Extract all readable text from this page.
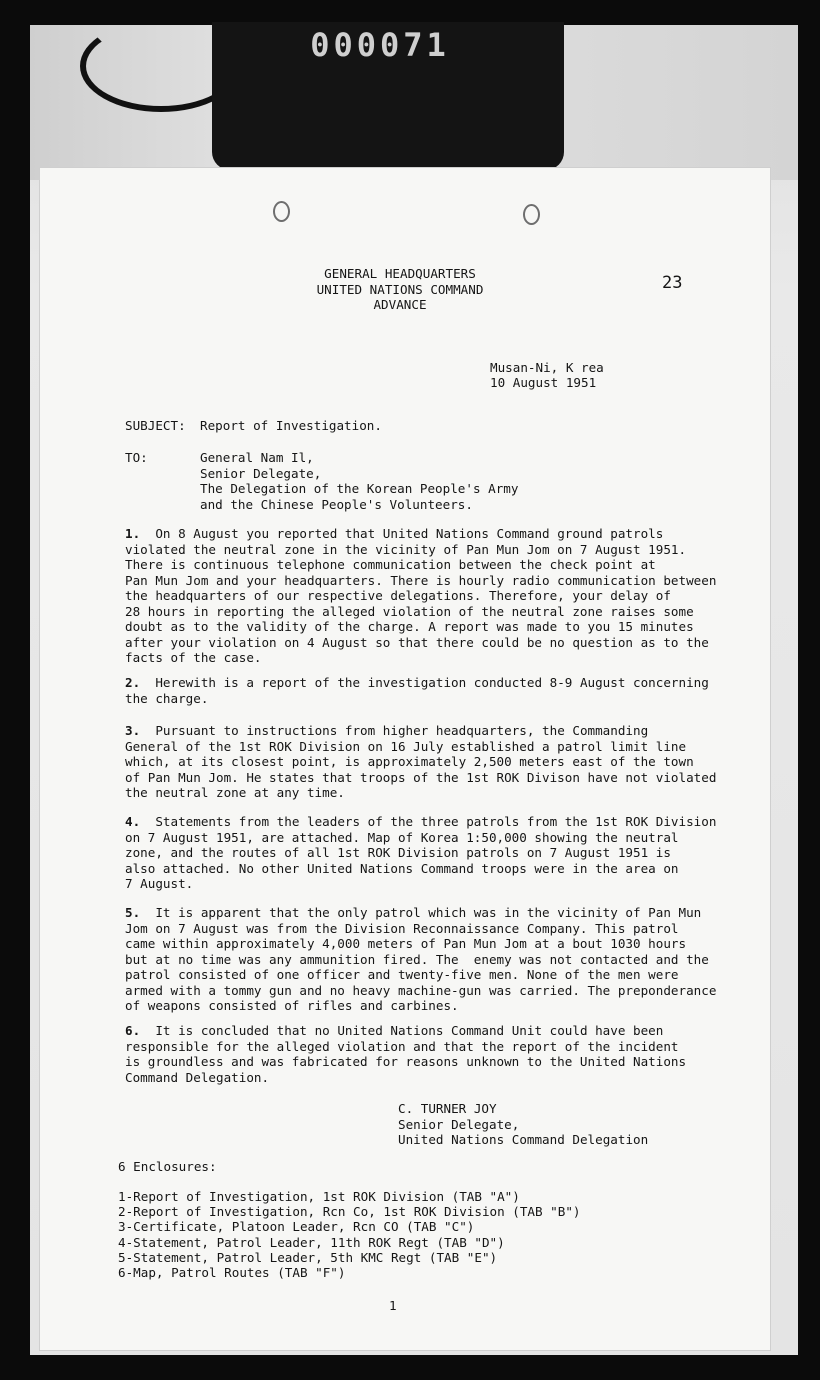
000071
GENERAL HEADQUARTERS
UNITED NATIONS COMMAND
ADVANCE
23
Musan-Ni, K rea
10 August 1951
SUBJECT: Report of Investigation.
TO:	General Nam Il,
Senior Delegate,
The Delegation of the Korean People's Army
and the Chinese People's Volunteers.
1.  On 8 August you reported that United Nations Command ground patrols
violated the neutral zone in the vicinity of Pan Mun Jom on 7 August 1951.
There is continuous telephone communication between the check point at
Pan Mun Jom and your headquarters. There is hourly radio communication between
the headquarters of our respective delegations. Therefore, your delay of
28 hours in reporting the alleged violation of the neutral zone raises some
doubt as to the validity of the charge. A report was made to you 15 minutes
after your violation on 4 August so that there could be no question as to the
facts of the case.
2.  Herewith is a report of the investigation conducted 8-9 August concerning
the charge.
3.  Pursuant to instructions from higher headquarters, the Commanding
General of the 1st ROK Division on 16 July established a patrol limit line
which, at its closest point, is approximately 2,500 meters east of the town
of Pan Mun Jom. He states that troops of the 1st ROK Divison have not violated
the neutral zone at any time.
4.  Statements from the leaders of the three patrols from the 1st ROK Division
on 7 August 1951, are attached. Map of Korea 1:50,000 showing the neutral
zone, and the routes of all 1st ROK Division patrols on 7 August 1951 is
also attached. No other United Nations Command troops were in the area on
7 August.
5.  It is apparent that the only patrol which was in the vicinity of Pan Mun
Jom on 7 August was from the Division Reconnaissance Company. This patrol
came within approximately 4,000 meters of Pan Mun Jom at a bout 1030 hours
but at no time was any ammunition fired. The  enemy was not contacted and the
patrol consisted of one officer and twenty-five men. None of the men were
armed with a tommy gun and no heavy machine-gun was carried. The preponderance
of weapons consisted of rifles and carbines.
6.  It is concluded that no United Nations Command Unit could have been
responsible for the alleged violation and that the report of the incident
is groundless and was fabricated for reasons unknown to the United Nations
Command Delegation.
C. TURNER JOY
Senior Delegate,
United Nations Command Delegation
6 Enclosures:
1-Report of Investigation, 1st ROK Division (TAB "A")
2-Report of Investigation, Rcn Co, 1st ROK Division (TAB "B")
3-Certificate, Platoon Leader, Rcn CO (TAB "C")
4-Statement, Patrol Leader, 11th ROK Regt (TAB "D")
5-Statement, Patrol Leader, 5th KMC Regt (TAB "E")
6-Map, Patrol Routes (TAB "F")
1
